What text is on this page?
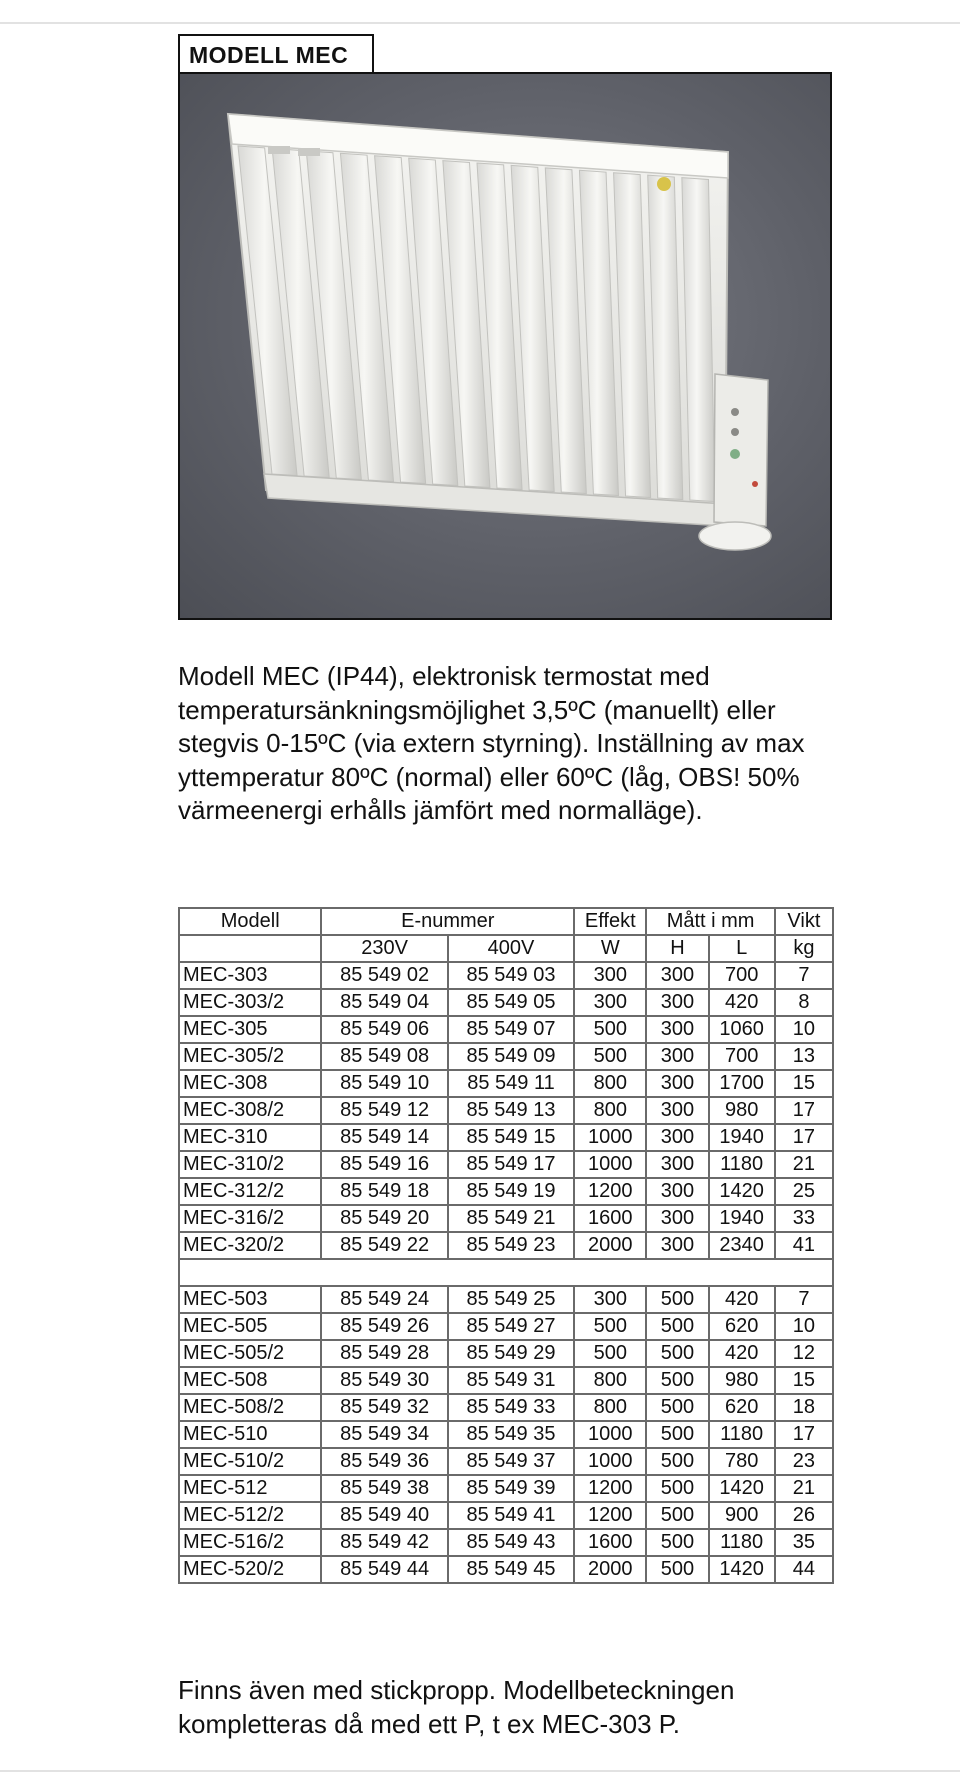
MODELL MEC

Modell MEC (IP44), elektronisk termostat med temperatursänkningsmöjlighet 3,5ºC (manuellt) eller stegvis 0-15ºC (via extern styrning). Inställning av max yttemperatur 80ºC (normal) eller 60ºC (låg, OBS! 50% värmeenergi erhålls jämfört med normalläge).

Modell	E-nummer		Effekt	Mått i mm		Vikt
	230V	400V	W	H	L	kg
MEC-303	85 549 02	85 549 03	300	300	700	7
MEC-303/2	85 549 04	85 549 05	300	300	420	8
MEC-305	85 549 06	85 549 07	500	300	1060	10
MEC-305/2	85 549 08	85 549 09	500	300	700	13
MEC-308	85 549 10	85 549 11	800	300	1700	15
MEC-308/2	85 549 12	85 549 13	800	300	980	17
MEC-310	85 549 14	85 549 15	1000	300	1940	17
MEC-310/2	85 549 16	85 549 17	1000	300	1180	21
MEC-312/2	85 549 18	85 549 19	1200	300	1420	25
MEC-316/2	85 549 20	85 549 21	1600	300	1940	33
MEC-320/2	85 549 22	85 549 23	2000	300	2340	41

MEC-503	85 549 24	85 549 25	300	500	420	7
MEC-505	85 549 26	85 549 27	500	500	620	10
MEC-505/2	85 549 28	85 549 29	500	500	420	12
MEC-508	85 549 30	85 549 31	800	500	980	15
MEC-508/2	85 549 32	85 549 33	800	500	620	18
MEC-510	85 549 34	85 549 35	1000	500	1180	17
MEC-510/2	85 549 36	85 549 37	1000	500	780	23
MEC-512	85 549 38	85 549 39	1200	500	1420	21
MEC-512/2	85 549 40	85 549 41	1200	500	900	26
MEC-516/2	85 549 42	85 549 43	1600	500	1180	35
MEC-520/2	85 549 44	85 549 45	2000	500	1420	44

Finns även med stickpropp. Modellbeteckningen kompletteras då med ett P, t ex MEC-303 P.
